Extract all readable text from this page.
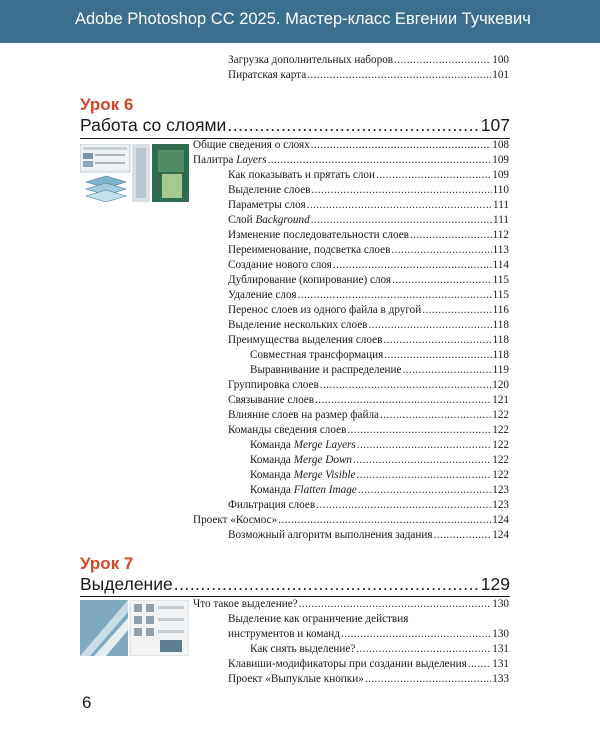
Adobe Photoshop CC 2025. Мастер-класс Евгении Тучкевич
Загрузка дополнительных наборов .....	100
Пиратская карта .....	101
Урок 6
Работа со слоями .....	107
Общие сведения о слоях .....	108
Палитра Layers .....	109
Как показывать и прятать слои .....	109
Выделение слоев .....	110
Параметры слоя .....	111
Слой Background .....	111
Изменение последовательности слоев .....	112
Переименование, подсветка слоев .....	113
Создание нового слоя .....	114
Дублирование (копирование) слоя .....	115
Удаление слоя .....	115
Перенос слоев из одного файла в другой .....	116
Выделение нескольких слоев .....	118
Преимущества выделения слоев .....	118
Совместная трансформация .....	118
Выравнивание и распределение .....	119
Группировка слоев .....	120
Связывание слоев .....	121
Влияние слоев на размер файла .....	122
Команды сведения слоев .....	122
Команда Merge Layers .....	122
Команда Merge Down .....	122
Команда Merge Visible .....	122
Команда Flatten Image .....	123
Фильтрация слоев .....	123
Проект «Космос» .....	124
Возможный алгоритм выполнения задания .....	124
Урок 7
Выделение .....	129
Что такое выделение? .....	130
Выделение как ограничение действия
инструментов и команд .....	130
Как снять выделение? .....	131
Клавиши-модификаторы при создании выделения ..... 131
Проект «Выпуклые кнопки» .....	133
6
